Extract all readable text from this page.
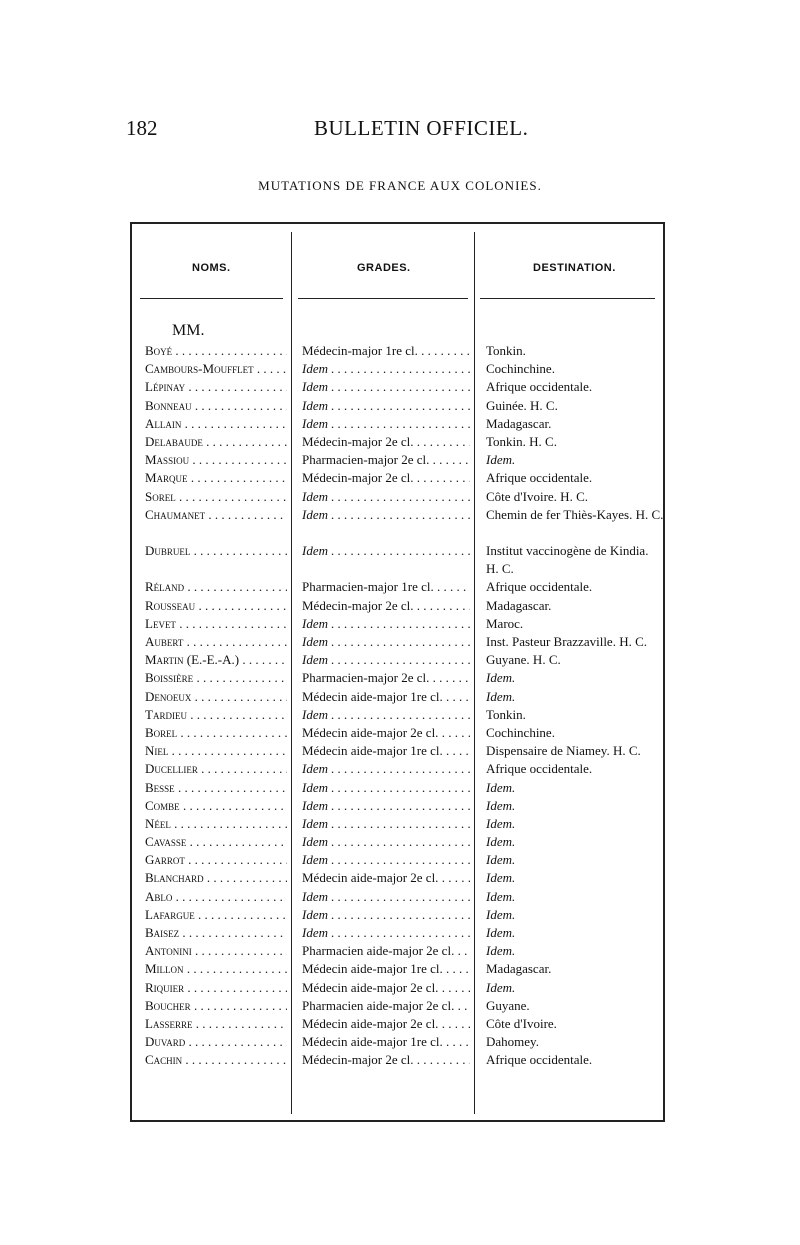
182	BULLETIN OFFICIEL.
MUTATIONS DE FRANCE AUX COLONIES.
NOMS.	GRADES.	DESTINATION.
MM.
Boyé . . .	Médecin-major 1re cl. . . .	Tonkin.
Cambours-Moufflet . . .	Idem . . .	Cochinchine.
Lépinay . . .	Idem . . .	Afrique occidentale.
Bonneau . . .	Idem . . .	Guinée. H. C.
Allain . . .	Idem . . .	Madagascar.
Delabaude . . .	Médecin-major 2e cl. . . .	Tonkin. H. C.
Massiou . . .	Pharmacien-major 2e cl. . . .	Idem.
Marque . . .	Médecin-major 2e cl. . . .	Afrique occidentale.
Sorel . . .	Idem . . .	Côte d'Ivoire. H. C.
Chaumanet . . .	Idem . . .	Chemin de fer Thiès-Kayes. H. C.
Dubruel . . .	Idem . . .	Institut vaccinogène de Kindia. H. C.
Réland . . .	Pharmacien-major 1re cl. . . .	Afrique occidentale.
Rousseau . . .	Médecin-major 2e cl. . . .	Madagascar.
Levet . . .	Idem . . .	Maroc.
Aubert . . .	Idem . . .	Inst. Pasteur Brazzaville. H. C.
Martin (E.-E.-A.) . . .	Idem . . .	Guyane. H. C.
Boissière . . .	Pharmacien-major 2e cl. . . .	Idem.
Denoeux . . .	Médecin aide-major 1re cl. . . .	Idem.
Tardieu . . .	Idem . . .	Tonkin.
Borel . . .	Médecin aide-major 2e cl. . . .	Cochinchine.
Niel . . .	Médecin aide-major 1re cl. . . .	Dispensaire de Niamey. H. C.
Ducellier . . .	Idem . . .	Afrique occidentale.
Besse . . .	Idem . . .	Idem.
Combe . . .	Idem . . .	Idem.
Néel . . .	Idem . . .	Idem.
Cavasse . . .	Idem . . .	Idem.
Garrot . . .	Idem . . .	Idem.
Blanchard . . .	Médecin aide-major 2e cl. . . .	Idem.
Ablo . . .	Idem . . .	Idem.
Lafargue . . .	Idem . . .	Idem.
Baisez . . .	Idem . . .	Idem.
Antonini . . .	Pharmacien aide-major 2e cl. . . .	Idem.
Millon . . .	Médecin aide-major 1re cl. . . .	Madagascar.
Riquier . . .	Médecin aide-major 2e cl. . . .	Idem.
Boucher . . .	Pharmacien aide-major 2e cl. . . .	Guyane.
Lasserre . . .	Médecin aide-major 2e cl. . . .	Côte d'Ivoire.
Duvard . . .	Médecin aide-major 1re cl. . . .	Dahomey.
Cachin . . .	Médecin-major 2e cl. . . .	Afrique occidentale.
